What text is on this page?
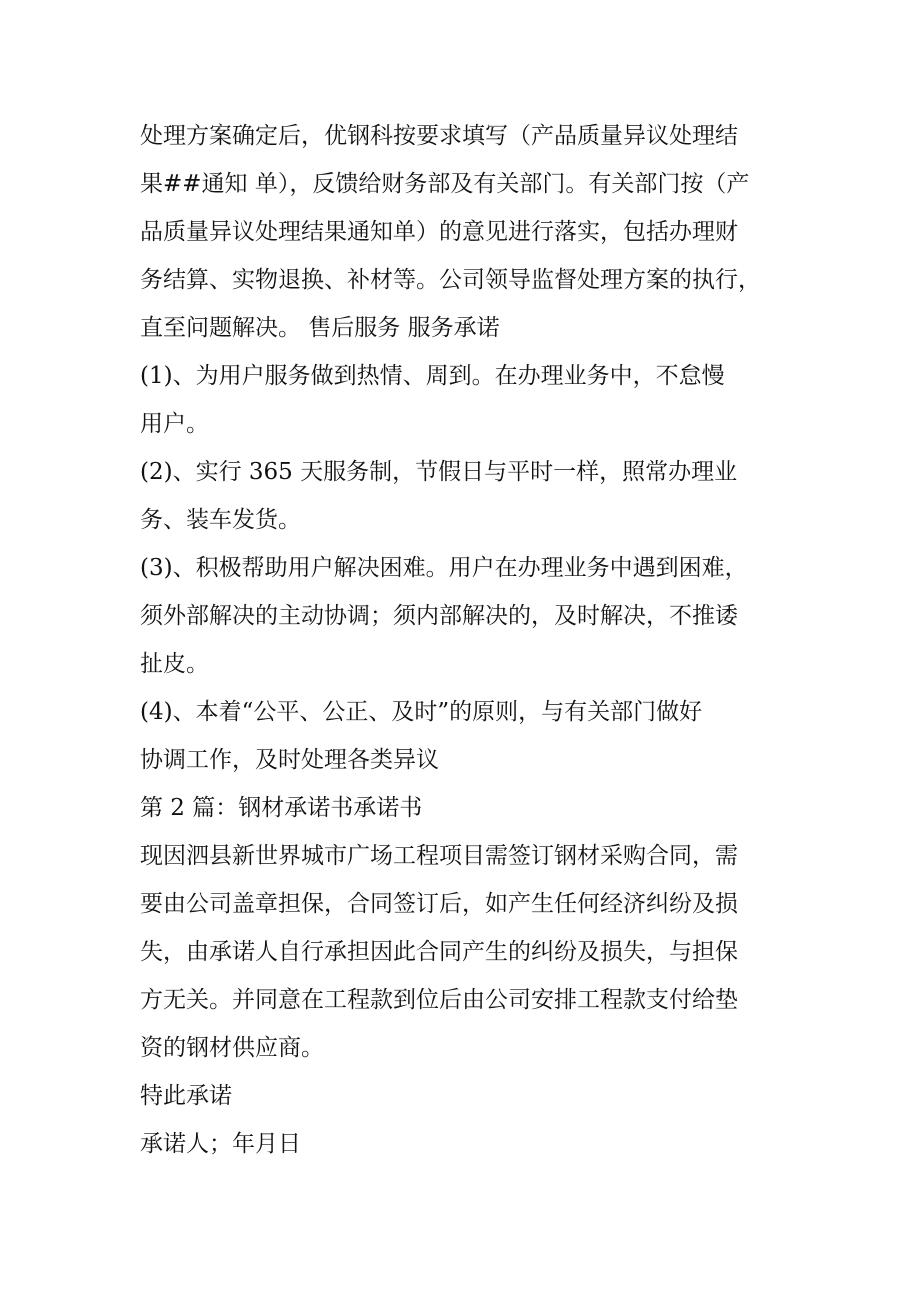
处理方案确定后，优钢科按要求填写（产品质量异议处理结
果##通知 单），反馈给财务部及有关部门。有关部门按（产
品质量异议处理结果通知单）的意见进行落实，包括办理财
务结算、实物退换、补材等。公司领导监督处理方案的执行，
直至问题解决。 售后服务 服务承诺
(1)、为用户服务做到热情、周到。在办理业务中，不怠慢
用户。
(2)、实行 365 天服务制，节假日与平时一样，照常办理业
务、装车发货。
(3)、积极帮助用户解决困难。用户在办理业务中遇到困难，
须外部解决的主动协调；须内部解决的，及时解决，不推诿
扯皮。
(4)、本着“公平、公正、及时”的原则，与有关部门做好
协调工作，及时处理各类异议
第 2 篇：钢材承诺书承诺书
现因泗县新世界城市广场工程项目需签订钢材采购合同，需
要由公司盖章担保，合同签订后，如产生任何经济纠纷及损
失，由承诺人自行承担因此合同产生的纠纷及损失，与担保
方无关。并同意在工程款到位后由公司安排工程款支付给垫
资的钢材供应商。
特此承诺
承诺人；年月日
